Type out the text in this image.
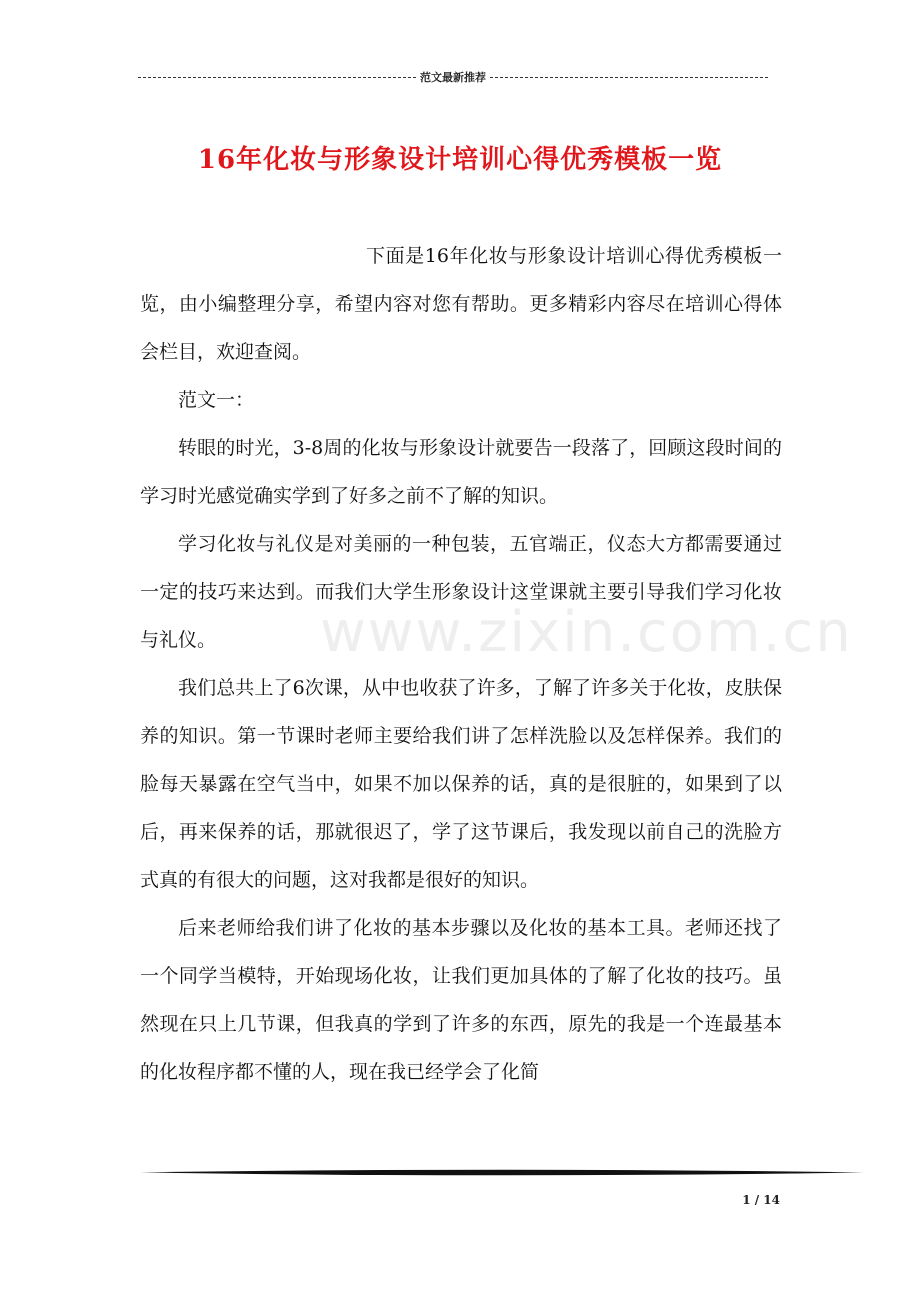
范文最新推荐
16年化妆与形象设计培训心得优秀模板一览
www.zixin.com.cn

下面是16年化妆与形象设计培训心得优秀模板一览，由小编整理分享，希望内容对您有帮助。更多精彩内容尽在培训心得体会栏目，欢迎查阅。

范文一：

转眼的时光，3-8周的化妆与形象设计就要告一段落了，回顾这段时间的学习时光感觉确实学到了好多之前不了解的知识。

学习化妆与礼仪是对美丽的一种包装，五官端正，仪态大方都需要通过一定的技巧来达到。而我们大学生形象设计这堂课就主要引导我们学习化妆与礼仪。

我们总共上了6次课，从中也收获了许多，了解了许多关于化妆，皮肤保养的知识。第一节课时老师主要给我们讲了怎样洗脸以及怎样保养。我们的脸每天暴露在空气当中，如果不加以保养的话，真的是很脏的，如果到了以后，再来保养的话，那就很迟了，学了这节课后，我发现以前自己的洗脸方式真的有很大的问题，这对我都是很好的知识。

后来老师给我们讲了化妆的基本步骤以及化妆的基本工具。老师还找了一个同学当模特，开始现场化妆，让我们更加具体的了解了化妆的技巧。虽然现在只上几节课，但我真的学到了许多的东西，原先的我是一个连最基本的化妆程序都不懂的人，现在我已经学会了化简

1 / 14
